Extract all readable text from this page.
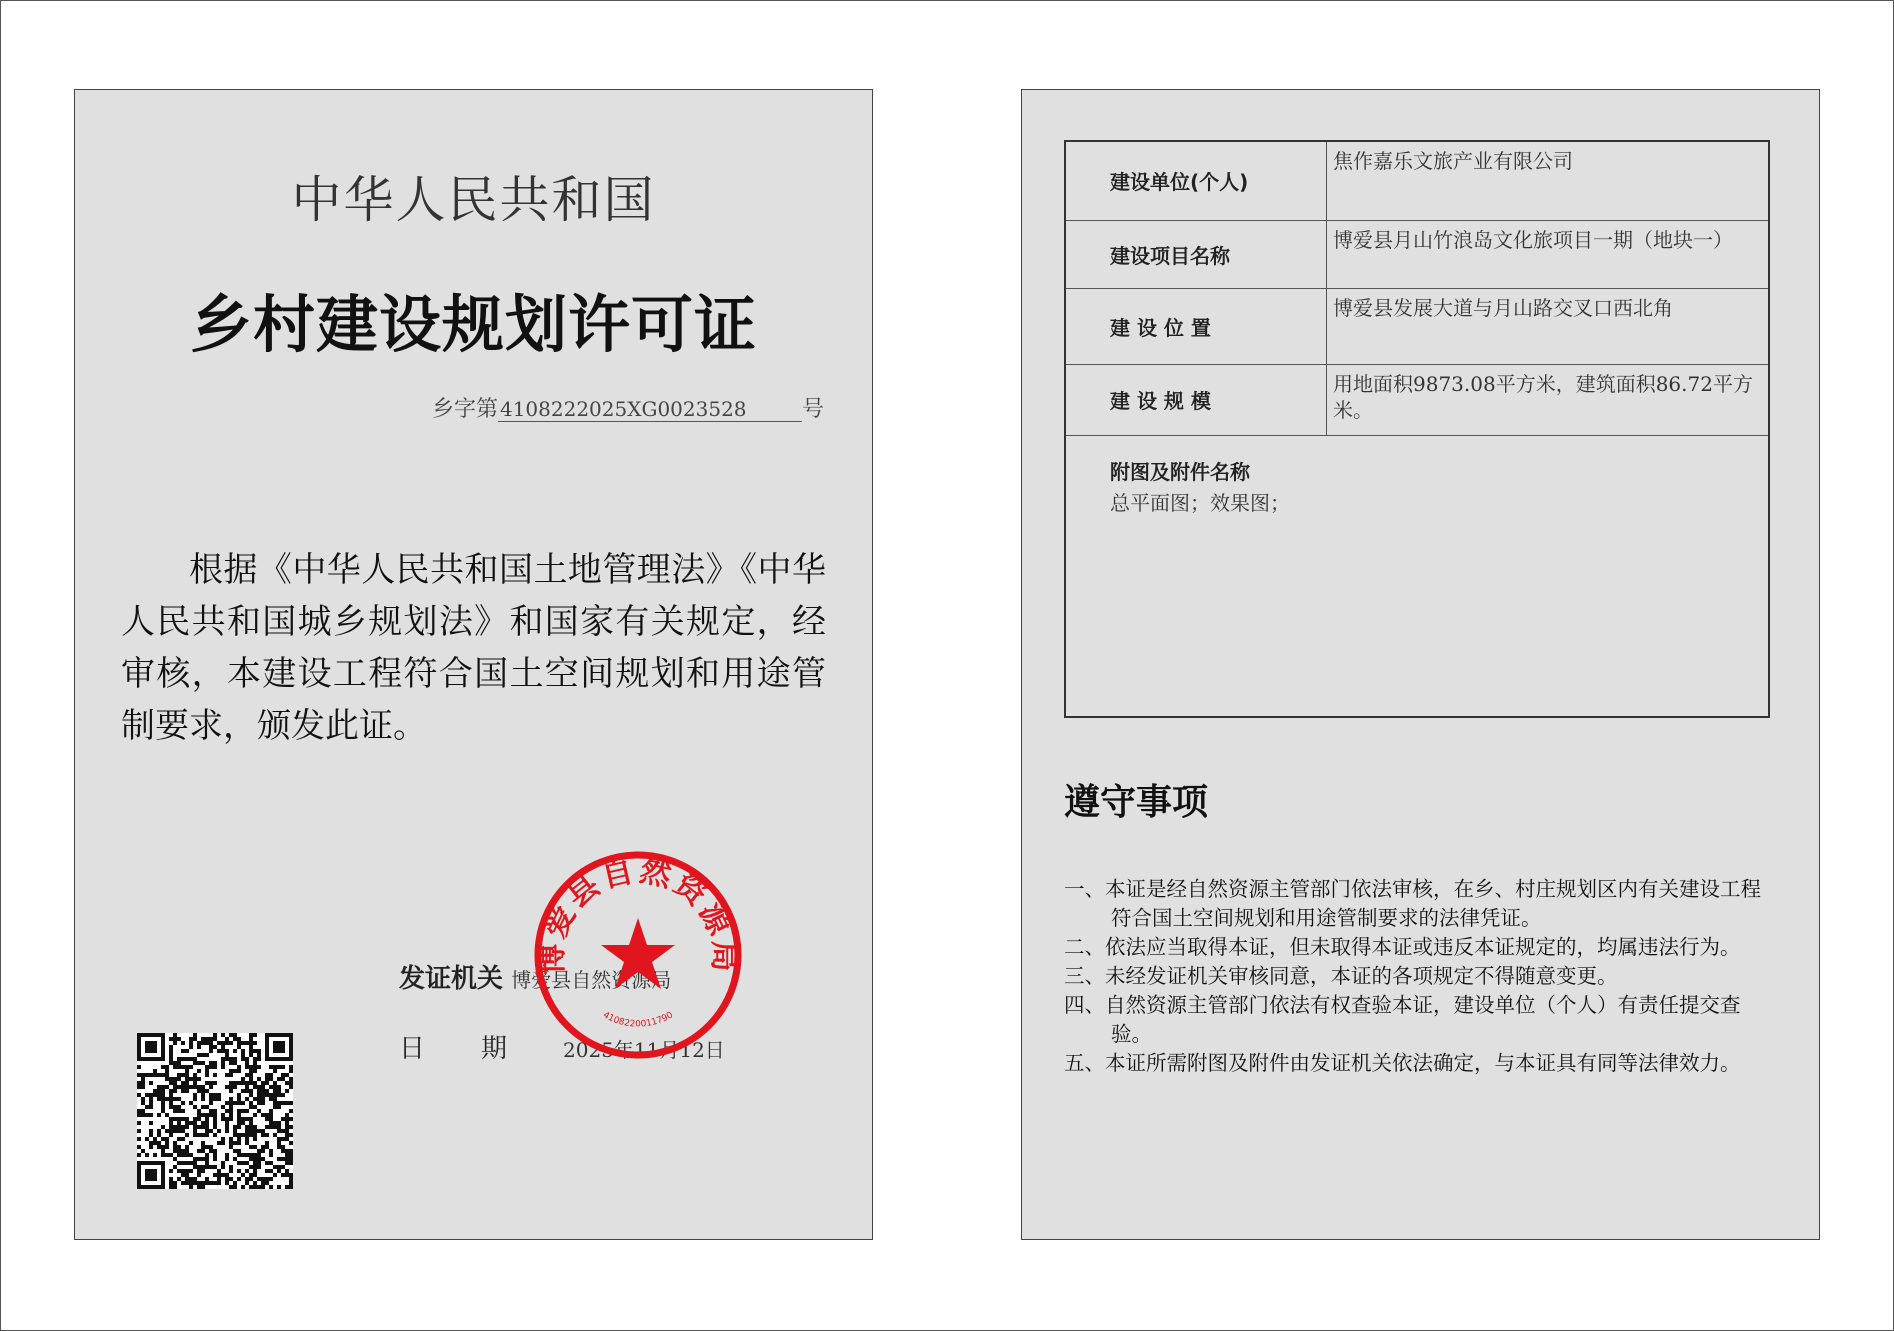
中华人民共和国
乡村建设规划许可证
乡字第 4108222025XG0023528	号
根据《中华人民共和国土地管理法》《中华人民共和国城乡规划法》和国家有关规定，经审核，本建设工程符合国土空间规划和用途管制要求，颁发此证。
发证机关 博爱县自然资源局
日期2025年11月12日
博爱县自然资源局
4108220011790
建设单位(个人)	焦作嘉乐文旅产业有限公司
建设项目名称	博爱县月山竹浪岛文化旅项目一期（地块一）
建 设 位 置	博爱县发展大道与月山路交叉口西北角
建 设 规 模	用地面积9873.08平方米，建筑面积86.72平方米。

附图及附件名称
总平面图；效果图；	
遵守事项

一、本证是经自然资源主管部门依法审核，在乡、村庄规划区内有关建设工程符合国土空间规划和用途管制要求的法律凭证。

二、依法应当取得本证，但未取得本证或违反本证规定的，均属违法行为。

三、未经发证机关审核同意，本证的各项规定不得随意变更。

四、自然资源主管部门依法有权查验本证，建设单位（个人）有责任提交查验。

五、本证所需附图及附件由发证机关依法确定，与本证具有同等法律效力。
